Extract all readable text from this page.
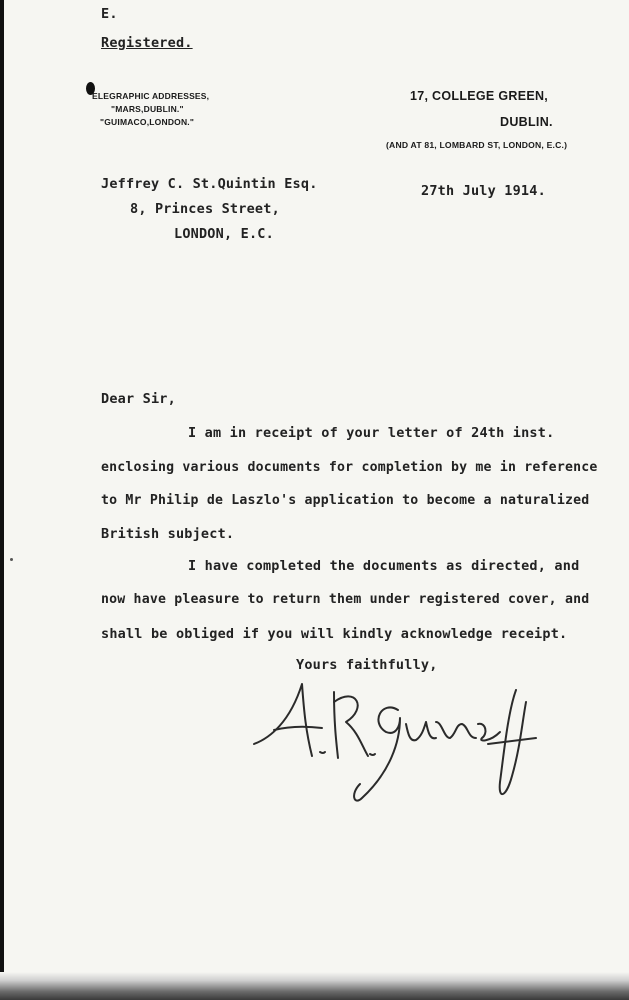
E.
Registered.
ELEGRAPHIC ADDRESSES,
"MARS,DUBLIN."
"GUIMACO,LONDON."
17, COLLEGE GREEN,
DUBLIN.
(AND AT 81, LOMBARD ST, LONDON, E.C.)
Jeffrey C. St.Quintin Esq.
8, Princes Street,
LONDON, E.C.
27th July 1914.
Dear Sir,
I am in receipt of your letter of 24th inst.
enclosing various documents for completion by me in reference
to Mr Philip de Laszlo's application to become a naturalized
British subject.
I have completed the documents as directed, and
now have pleasure to return them under registered cover, and
shall be obliged if you will kindly acknowledge receipt.
Yours faithfully,
